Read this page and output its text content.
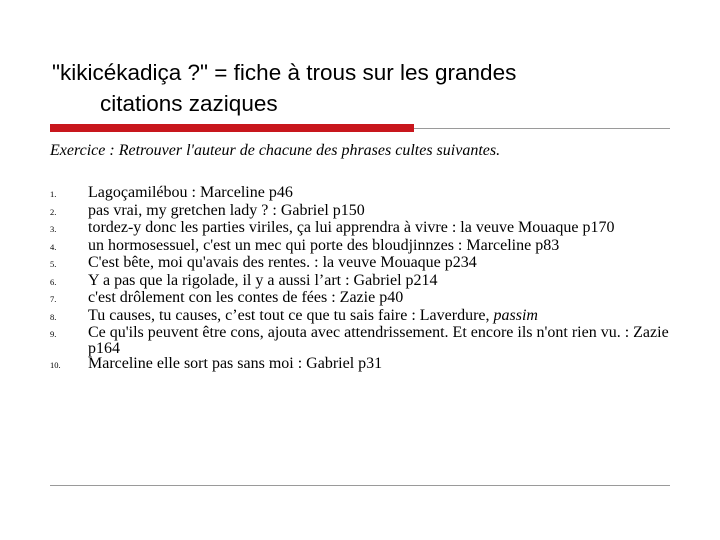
"kikicékadiça ?" = fiche à trous sur les grandes
citations zaziques
Exercice : Retrouver l'auteur de chacune des phrases cultes suivantes.
1.	Lagoçamilébou : Marceline p46
2.	pas vrai, my gretchen lady ? : Gabriel p150
3.	tordez-y donc les parties viriles, ça lui apprendra à vivre : la veuve Mouaque p170
4.	un hormosessuel, c'est un mec qui porte des bloudjinnzes : Marceline p83
5.	C'est bête, moi qu'avais des rentes. : la veuve Mouaque p234
6.	Y a pas que la rigolade, il y a aussi l’art : Gabriel p214
7.	c'est drôlement con les contes de fées : Zazie p40
8.	Tu causes, tu causes, c’est tout ce que tu sais faire : Laverdure, passim
9.	Ce qu'ils peuvent être cons, ajouta avec attendrissement. Et encore ils n'ont rien vu. : Zazie p164
10.	Marceline elle sort pas sans moi : Gabriel p31
